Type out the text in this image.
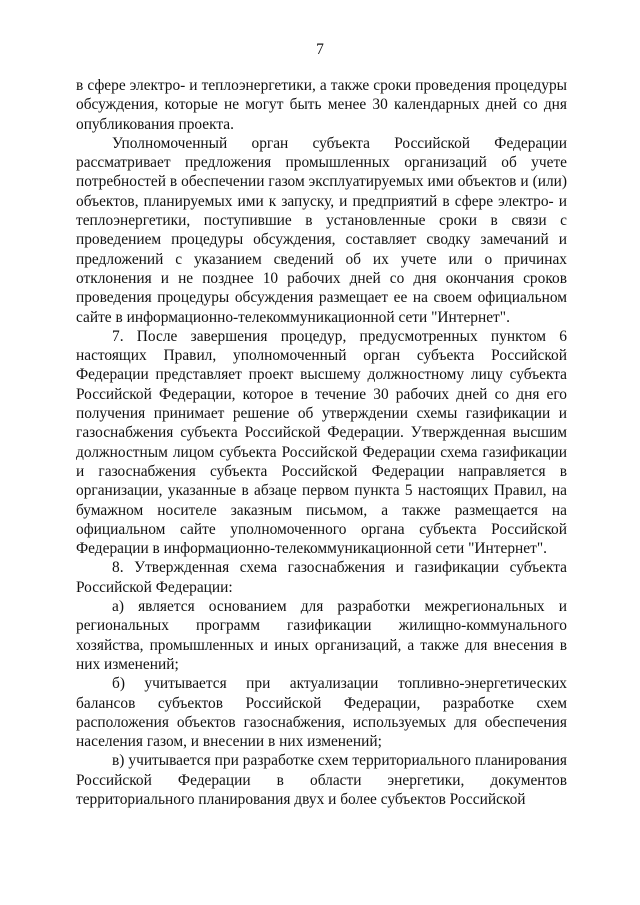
7

в сфере электро- и теплоэнергетики, а также сроки проведения процедуры обсуждения, которые не могут быть менее 30 календарных дней со дня опубликования проекта.

Уполномоченный орган субъекта Российской Федерации рассматривает предложения промышленных организаций об учете потребностей в обеспечении газом эксплуатируемых ими объектов и (или) объектов, планируемых ими к запуску, и предприятий в сфере электро- и теплоэнергетики, поступившие в установленные сроки в связи с проведением процедуры обсуждения, составляет сводку замечаний и предложений с указанием сведений об их учете или о причинах отклонения и не позднее 10 рабочих дней со дня окончания сроков проведения процедуры обсуждения размещает ее на своем официальном сайте в информационно-телекоммуникационной сети "Интернет".

7. После завершения процедур, предусмотренных пунктом 6 настоящих Правил, уполномоченный орган субъекта Российской Федерации представляет проект высшему должностному лицу субъекта Российской Федерации, которое в течение 30 рабочих дней со дня его получения принимает решение об утверждении схемы газификации и газоснабжения субъекта Российской Федерации. Утвержденная высшим должностным лицом субъекта Российской Федерации схема газификации и газоснабжения субъекта Российской Федерации направляется в организации, указанные в абзаце первом пункта 5 настоящих Правил, на бумажном носителе заказным письмом, а также размещается на официальном сайте уполномоченного органа субъекта Российской Федерации в информационно-телекоммуникационной сети "Интернет".

8. Утвержденная схема газоснабжения и газификации субъекта Российской Федерации:

а) является основанием для разработки межрегиональных и региональных программ газификации жилищно-коммунального хозяйства, промышленных и иных организаций, а также для внесения в них изменений;

б) учитывается при актуализации топливно-энергетических балансов субъектов Российской Федерации, разработке схем расположения объектов газоснабжения, используемых для обеспечения населения газом, и внесении в них изменений;

в) учитывается при разработке схем территориального планирования Российской Федерации в области энергетики, документов территориального планирования двух и более субъектов Российской
